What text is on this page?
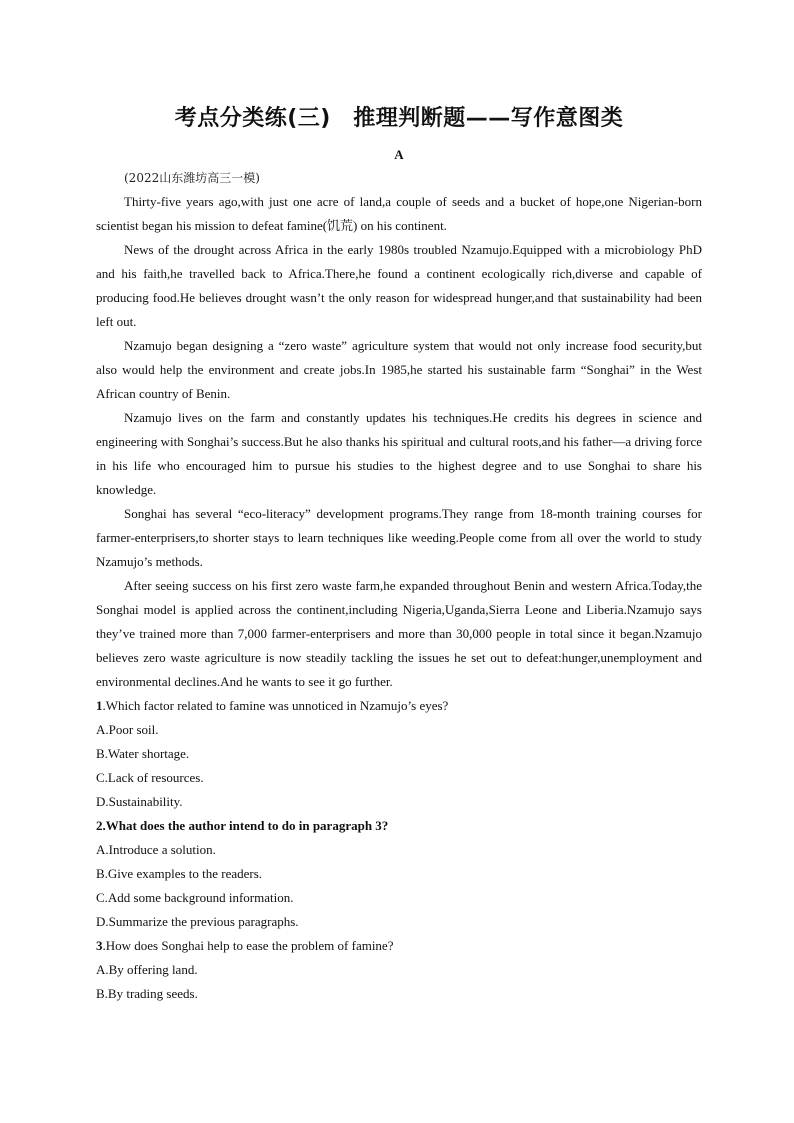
考点分类练(三)　推理判断题——写作意图类
A
(2022山东潍坊高三一模)

Thirty-five years ago,with just one acre of land,a couple of seeds and a bucket of hope,one Nigerian-born scientist began his mission to defeat famine(饥荒) on his continent.

News of the drought across Africa in the early 1980s troubled Nzamujo.Equipped with a microbiology PhD and his faith,he travelled back to Africa.There,he found a continent ecologically rich,diverse and capable of producing food.He believes drought wasn’t the only reason for widespread hunger,and that sustainability had been left out.

Nzamujo began designing a “zero waste” agriculture system that would not only increase food security,but also would help the environment and create jobs.In 1985,he started his sustainable farm “Songhai” in the West African country of Benin.

Nzamujo lives on the farm and constantly updates his techniques.He credits his degrees in science and engineering with Songhai’s success.But he also thanks his spiritual and cultural roots,and his father—a driving force in his life who encouraged him to pursue his studies to the highest degree and to use Songhai to share his knowledge.

Songhai has several “eco-literacy” development programs.They range from 18-month training courses for farmer-enterprisers,to shorter stays to learn techniques like weeding.People come from all over the world to study Nzamujo’s methods.

After seeing success on his first zero waste farm,he expanded throughout Benin and western Africa.Today,the Songhai model is applied across the continent,including Nigeria,Uganda,Sierra Leone and Liberia.Nzamujo says they’ve trained more than 7,000 farmer-enterprisers and more than 30,000 people in total since it began.Nzamujo believes zero waste agriculture is now steadily tackling the issues he set out to defeat:hunger,unemployment and environmental declines.And he wants to see it go further.

1.Which factor related to famine was unnoticed in Nzamujo’s eyes?

A.Poor soil.

B.Water shortage.

C.Lack of resources.

D.Sustainability.

2.What does the author intend to do in paragraph 3?

A.Introduce a solution.

B.Give examples to the readers.

C.Add some background information.

D.Summarize the previous paragraphs.

3.How does Songhai help to ease the problem of famine?

A.By offering land.

B.By trading seeds.
